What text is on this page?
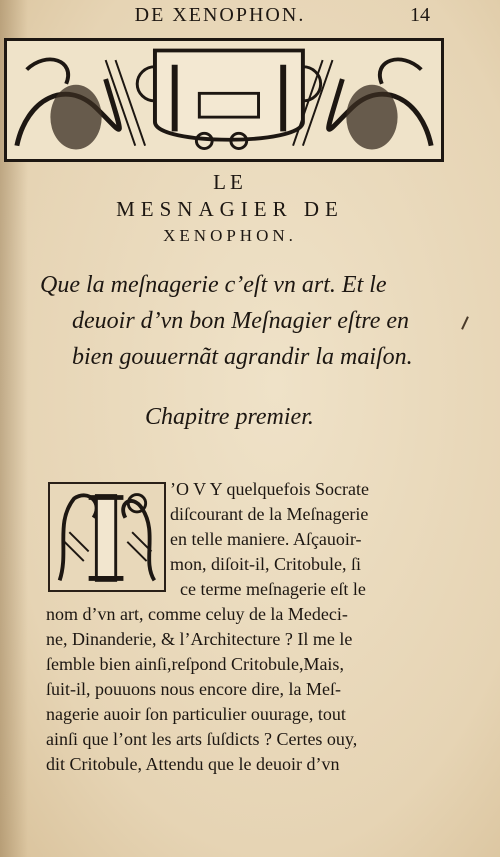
DE XENOPHON.	14
LE
MESNAGIER DE
XENOPHON.
Que la meſnagerie c’eſt vn art. Et le
deuoir d’vn bon Meſnagier eſtre en
bien gouuernãt agrandir la maiſon.
Chapitre premier.
’O V Y quelquefois Socrate
diſcourant de la Meſnagerie
en telle maniere. Aſçauoir-
mon, diſoit-il, Critobule, ſi
ce terme meſnagerie eſt le
nom d’vn art, comme celuy de la Medeci-
ne, Dinanderie, & l’Architecture ? Il me le
ſemble bien ainſi,reſpond Critobule,Mais,
ſuit-il, pouuons nous encore dire, la Meſ-
nagerie auoir ſon particulier ouurage, tout
ainſi que l’ont les arts ſuſdicts ? Certes ouy,
dit Critobule, Attendu que le deuoir d’vn
